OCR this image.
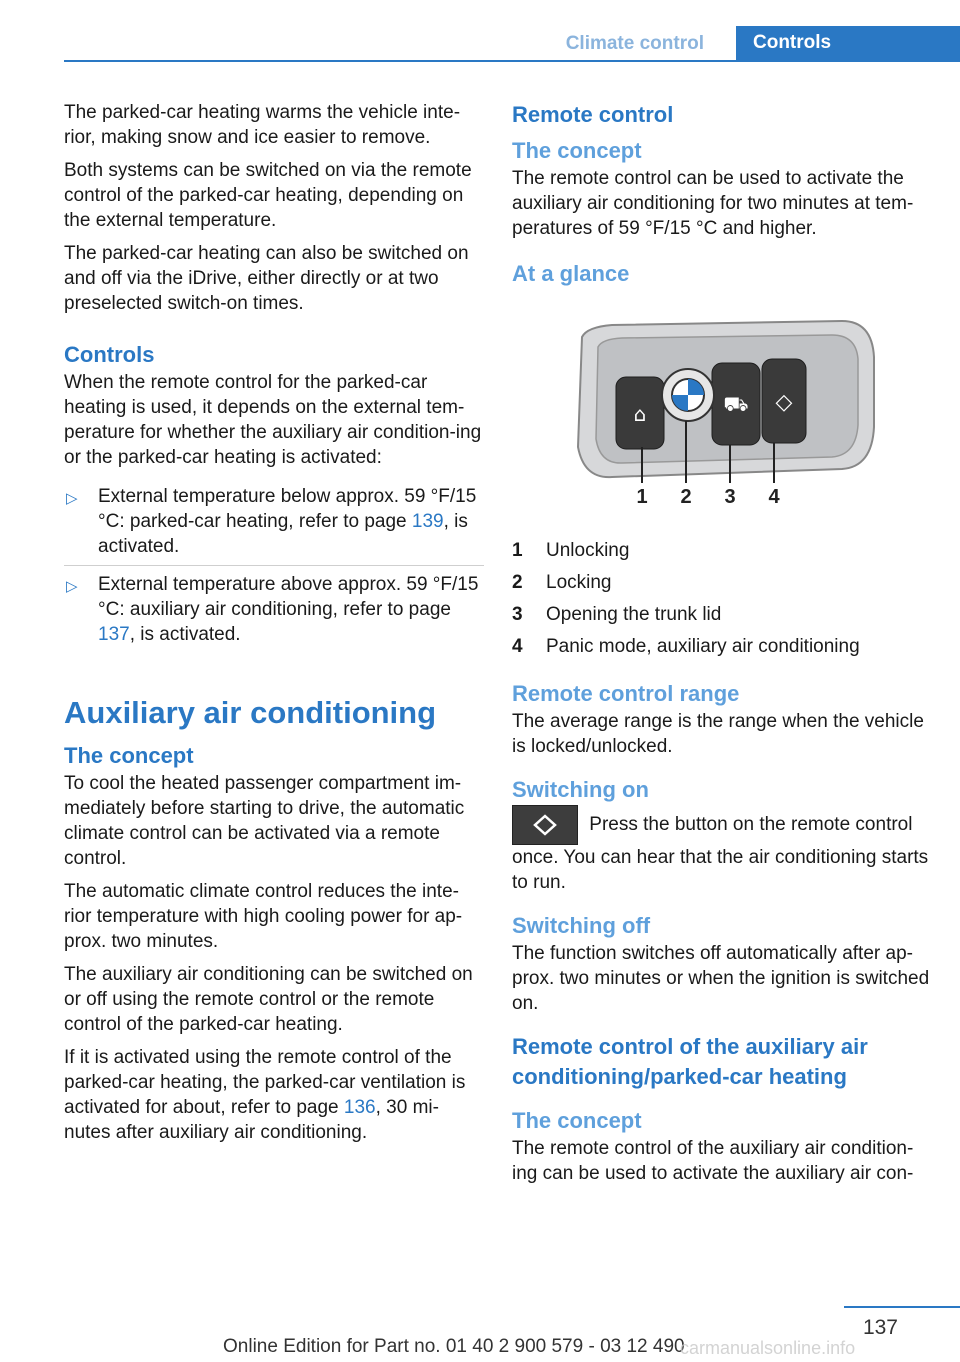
Climate control	Controls

The parked-car heating warms the vehicle inte-rior, making snow and ice easier to remove.

Both systems can be switched on via the remote control of the parked-car heating, depending on the external temperature.

The parked-car heating can also be switched on and off via the iDrive, either directly or at two preselected switch-on times.

Controls

When the remote control for the parked-car heating is used, it depends on the external tem-perature for whether the auxiliary air condition-ing or the parked-car heating is activated:

▷ External temperature below approx. 59 °F/15 °C: parked-car heating, refer to page 139, is activated.
▷ External temperature above approx. 59 °F/15 °C: auxiliary air conditioning, refer to page 137, is activated.
Auxiliary air conditioning
The concept

To cool the heated passenger compartment im-mediately before starting to drive, the automatic climate control can be activated via a remote control.

The automatic climate control reduces the inte-rior temperature with high cooling power for ap-prox. two minutes.

The auxiliary air conditioning can be switched on or off using the remote control or the remote control of the parked-car heating.

If it is activated using the remote control of the parked-car heating, the parked-car ventilation is activated for about, refer to page 136, 30 mi-nutes after auxiliary air conditioning.

Remote control
The concept

The remote control can be used to activate the auxiliary air conditioning for two minutes at tem-peratures of 59 °F/15 °C and higher.

At a glance
⌂	⛟ ◇
1 2 3 4
1	Unlocking
2	Locking
3	Opening the trunk lid
4	Panic mode, auxiliary air conditioning
Remote control range

The average range is the range when the vehicle is locked/unlocked.

Switching on

Press the button on the remote control once. You can hear that the air conditioning starts to run.

Switching off

The function switches off automatically after ap-prox. two minutes or when the ignition is switched on.

Remote control of the auxiliary air conditioning/parked-car heating
The concept

The remote control of the auxiliary air condition-ing can be used to activate the auxiliary air con-

137
Online Edition for Part no. 01 40 2 900 579 - 03 12 490
carmanualsonline.info
